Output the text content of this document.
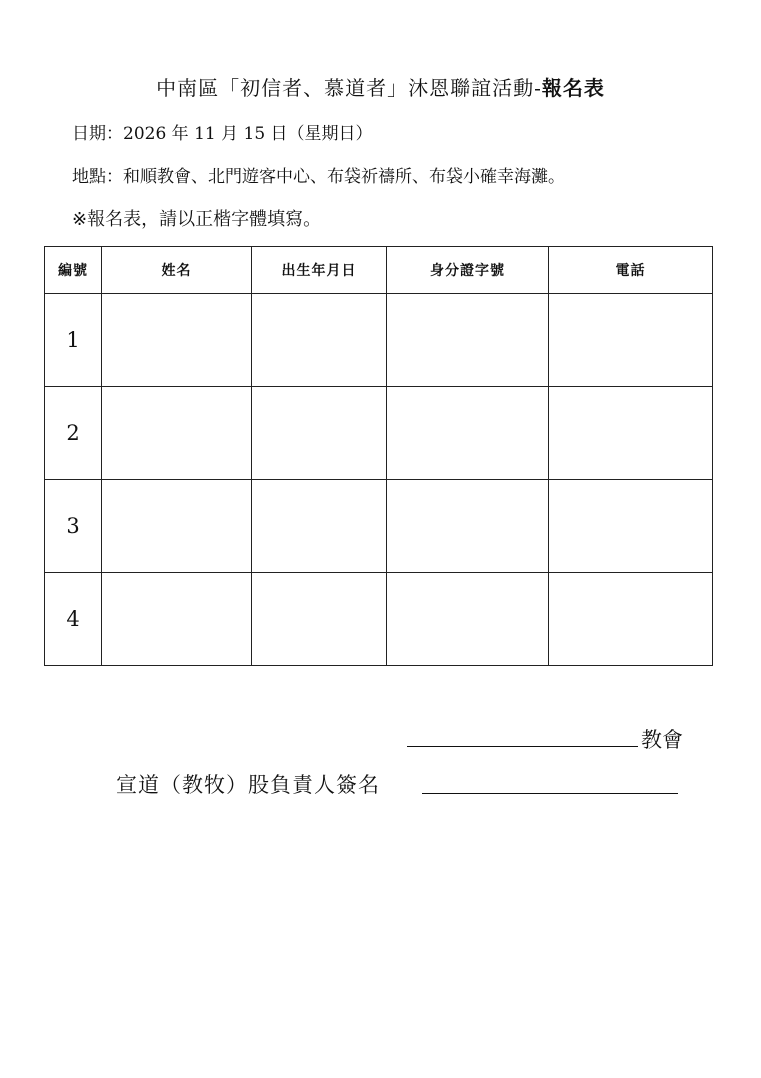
中南區「初信者、慕道者」沐恩聯誼活動-報名表
日期：2026 年 11 月 15 日（星期日）
地點：和順教會、北門遊客中心、布袋祈禱所、布袋小確幸海灘。
※報名表，請以正楷字體填寫。
編號	姓名	出生年月日	身分證字號	電話
1				
2				
3				
4				
教會
宣道（教牧）股負責人簽名
